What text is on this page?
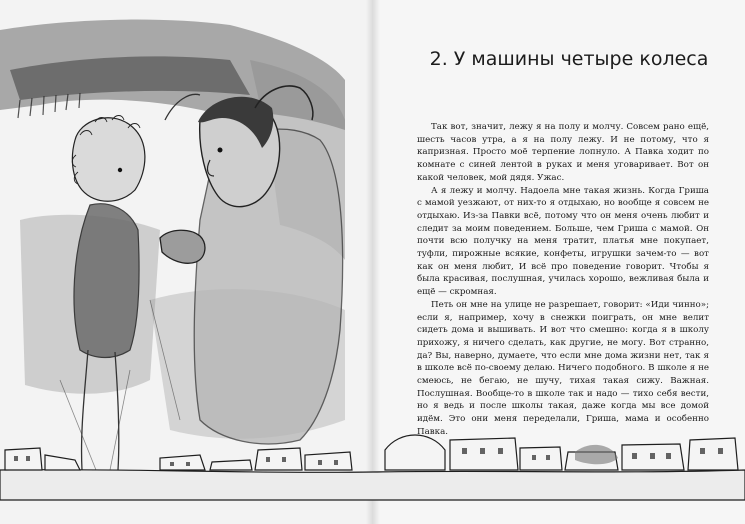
2. У машины четыре колеса

Так вот, значит, лежу я на полу и молчу. Совсем рано ещё, шесть часов утра, а я на полу лежу. И не потому, что я капризная. Просто моё терпение лопнуло. А Павка ходит по комнате с синей лентой в руках и меня уговаривает. Вот он какой человек, мой дядя. Ужас.

А я лежу и молчу. Надоела мне такая жизнь. Когда Гриша с мамой уезжают, от них-то я отдыхаю, но вообще я совсем не отдыхаю. Из-за Павки всё, потому что он меня очень любит и следит за моим поведением. Больше, чем Гриша с мамой. Он почти всю получку на меня тратит, платья мне покупает, туфли, пирожные всякие, конфеты, игрушки зачем-то — вот как он меня любит, И всё про поведение говорит. Чтобы я была красивая, послушная, училась хорошо, вежливая была и ещё — скромная.

Петь он мне на улице не разрешает, говорит: «Иди чинно»; если я, например, хочу в снежки поиграть, он мне велит сидеть дома и вышивать. И вот что смешно: когда я в школу прихожу, я ничего сделать, как другие, не могу. Вот странно, да? Вы, наверно, думаете, что если мне дома жизни нет, так я в школе всё по-своему делаю. Ничего подобного. В школе я не смеюсь, не бегаю, не шучу, тихая такая сижу. Важная. Послушная. Вообще-то в школе так и надо — тихо себя вести, но я ведь и после школы такая, даже когда мы все домой идём. Это они меня переделали, Гриша, мама и особенно Павка.
